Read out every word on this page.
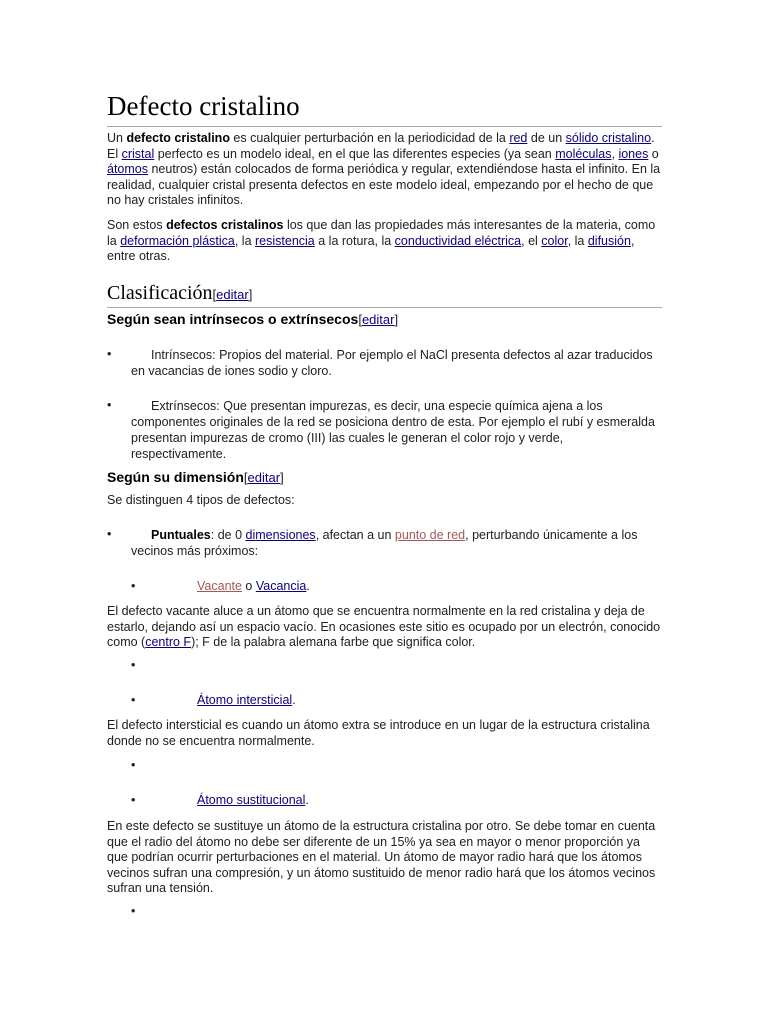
Defecto cristalino

Un defecto cristalino es cualquier perturbación en la periodicidad de la red de un sólido cristalino. El cristal perfecto es un modelo ideal, en el que las diferentes especies (ya sean moléculas, iones o átomos neutros) están colocados de forma periódica y regular, extendiéndose hasta el infinito. En la realidad, cualquier cristal presenta defectos en este modelo ideal, empezando por el hecho de que no hay cristales infinitos.

Son estos defectos cristalinos los que dan las propiedades más interesantes de la materia, como la deformación plástica, la resistencia a la rotura, la conductividad eléctrica, el color, la difusión, entre otras.

Clasificación[editar]
Según sean intrínsecos o extrínsecos[editar]
•	Intrínsecos: Propios del material. Por ejemplo el NaCl presenta defectos al azar traducidos en vacancias de iones sodio y cloro.
•	Extrínsecos: Que presentan impurezas, es decir, una especie química ajena a los componentes originales de la red se posiciona dentro de esta. Por ejemplo el rubí y esmeralda presentan impurezas de cromo (III) las cuales le generan el color rojo y verde, respectivamente.
Según su dimensión[editar]

Se distinguen 4 tipos de defectos:

•	Puntuales: de 0 dimensiones, afectan a un punto de red, perturbando únicamente a los vecinos más próximos:
•	Vacante o Vacancia.

El defecto vacante aluce a un átomo que se encuentra normalmente en la red cristalina y deja de estarlo, dejando así un espacio vacío. En ocasiones este sitio es ocupado por un electrón, conocido como (centro F); F de la palabra alemana farbe que significa color.

•
•	Átomo intersticial.

El defecto intersticial es cuando un átomo extra se introduce en un lugar de la estructura cristalina donde no se encuentra normalmente.

•
•	Átomo sustitucional.

En este defecto se sustituye un átomo de la estructura cristalina por otro. Se debe tomar en cuenta que el radio del átomo no debe ser diferente de un 15% ya sea en mayor o menor proporción ya que podrían ocurrir perturbaciones en el material. Un átomo de mayor radio hará que los átomos vecinos sufran una compresión, y un átomo sustituido de menor radio hará que los átomos vecinos sufran una tensión.

•
